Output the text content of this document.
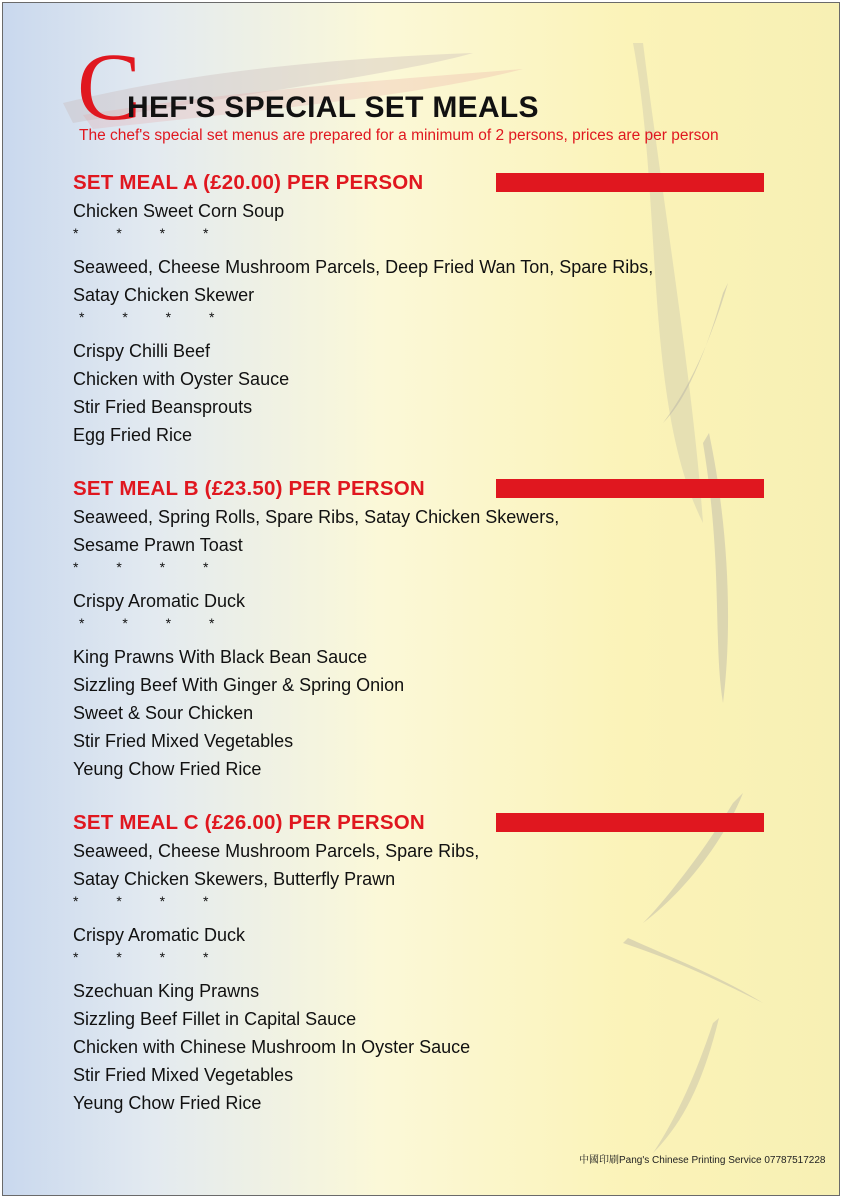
C
HEF'S SPECIAL SET MEALS
The chef's special set menus are prepared for a minimum of 2 persons, prices are per person
SET MEAL A (£20.00) PER PERSON
Chicken Sweet Corn Soup
* * * *
Seaweed, Cheese Mushroom Parcels, Deep Fried Wan Ton, Spare Ribs,
Satay Chicken Skewer
* * * *
Crispy Chilli Beef
Chicken with Oyster Sauce
Stir Fried Beansprouts
Egg Fried Rice
SET MEAL B (£23.50) PER PERSON
Seaweed, Spring Rolls, Spare Ribs, Satay Chicken Skewers,
Sesame Prawn Toast
* * * *
Crispy Aromatic Duck
* * * *
King Prawns With Black Bean Sauce
Sizzling Beef With Ginger & Spring Onion
Sweet & Sour Chicken
Stir Fried Mixed Vegetables
Yeung Chow Fried Rice
SET MEAL C (£26.00) PER PERSON
Seaweed, Cheese Mushroom Parcels, Spare Ribs,
Satay Chicken Skewers, Butterfly Prawn
* * * *
Crispy Aromatic Duck
* * * *
Szechuan King Prawns
Sizzling Beef Fillet in Capital Sauce
Chicken with Chinese Mushroom In Oyster Sauce
Stir Fried Mixed Vegetables
Yeung Chow Fried Rice
中國印刷Pang's Chinese Printing Service 07787517228
